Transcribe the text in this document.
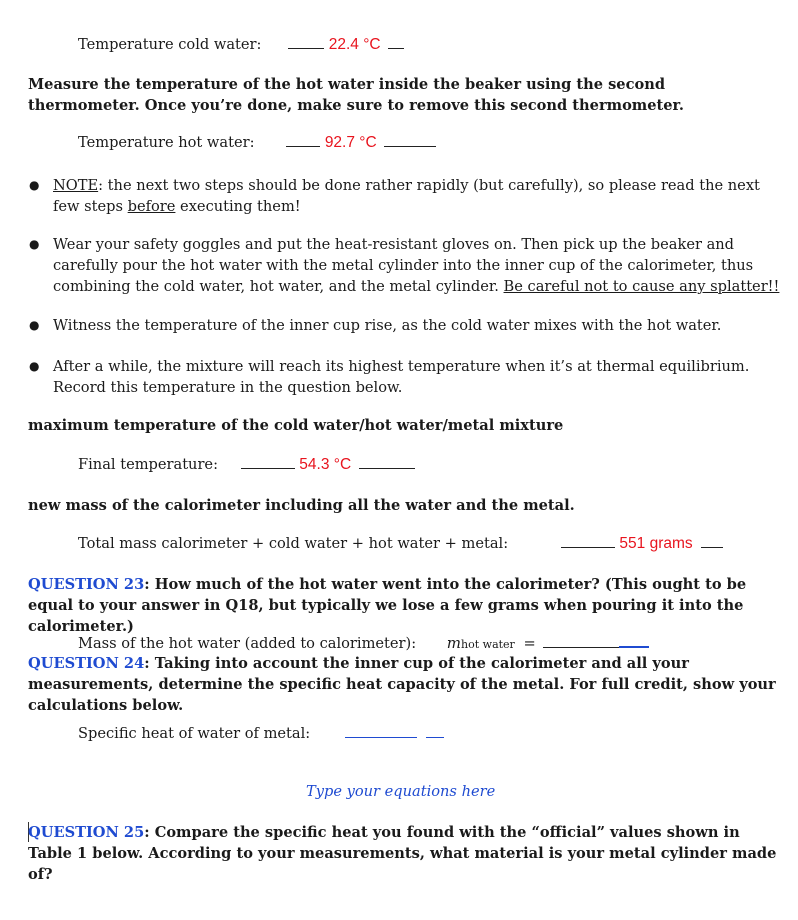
Temperature cold water:	22.4 °C
Measure the temperature of the hot water inside the beaker using the second thermometer. Once you’re done, make sure to remove this second thermometer.
Temperature hot water:	92.7 °C
● NOTE: the next two steps should be done rather rapidly (but carefully), so please read the next few steps before executing them!
● Wear your safety goggles and put the heat-resistant gloves on. Then pick up the beaker and carefully pour the hot water with the metal cylinder into the inner cup of the calorimeter, thus combining the cold water, hot water, and the metal cylinder. Be careful not to cause any splatter!!
● Witness the temperature of the inner cup rise, as the cold water mixes with the hot water.
● After a while, the mixture will reach its highest temperature when it’s at thermal equilibrium. Record this temperature in the question below.
maximum temperature of the cold water/hot water/metal mixture
Final temperature:	54.3 °C
new mass of the calorimeter including all the water and the metal.
Total mass calorimeter + cold water + hot water + metal:	551 grams
QUESTION 23: How much of the hot water went into the calorimeter? (This ought to be equal to your answer in Q18, but typically we lose a few grams when pouring it into the calorimeter.)
Mass of the hot water (added to calorimeter): mhot water =
QUESTION 24: Taking into account the inner cup of the calorimeter and all your measurements, determine the specific heat capacity of the metal. For full credit, show your calculations below.
Specific heat of water of metal:
Type your equations here
QUESTION 25: Compare the specific heat you found with the “official” values shown in Table 1 below. According to your measurements, what material is your metal cylinder made of?
